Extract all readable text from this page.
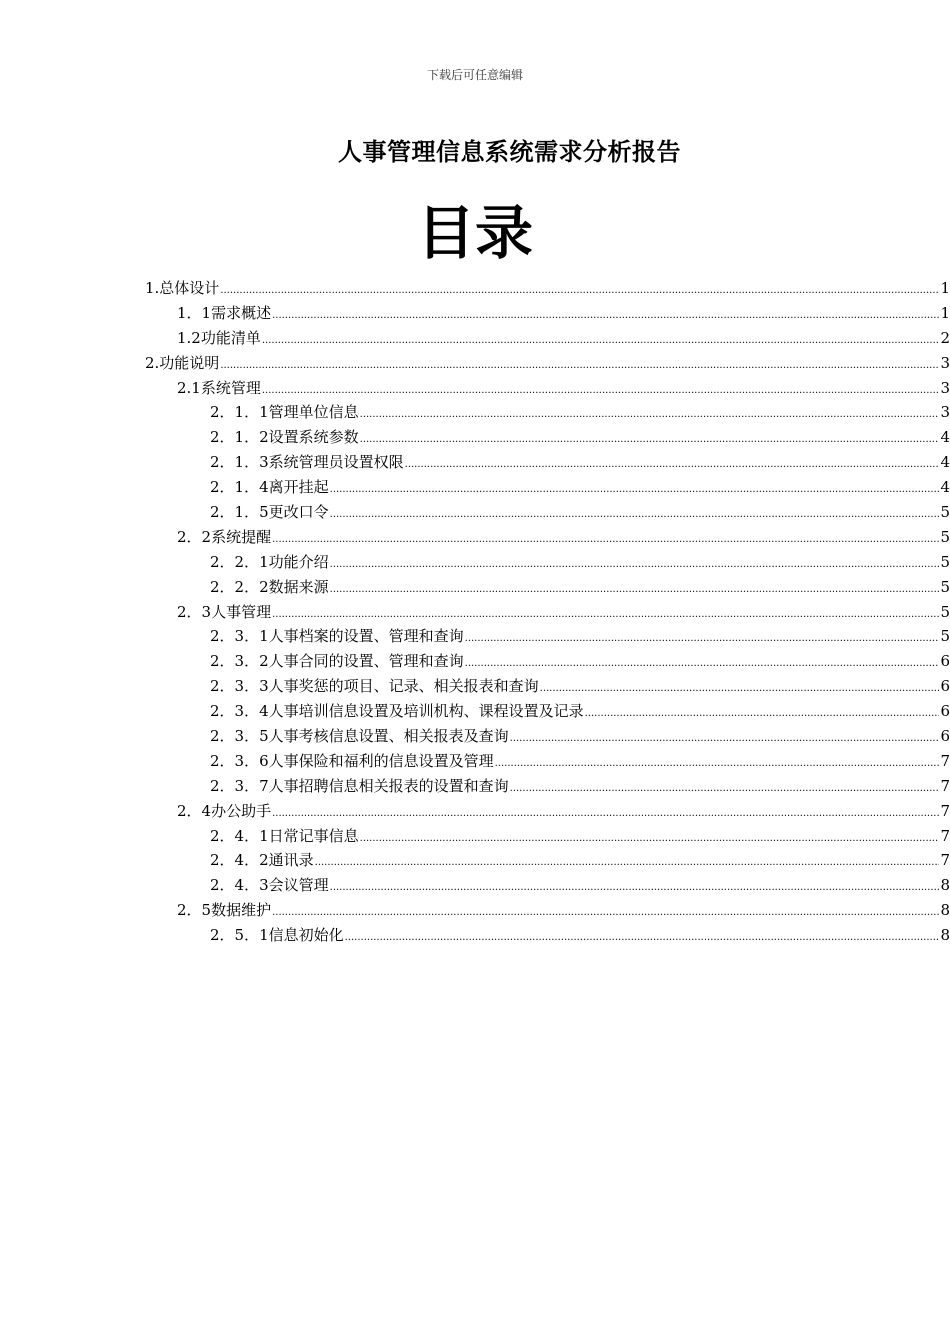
下载后可任意编辑
人事管理信息系统需求分析报告
目录
1.总体设计 .....	1
1．1需求概述 .....	1
1.2功能清单 .....	2
2.功能说明 .....	3
2.1系统管理 .....	3
2．1．1管理单位信息 .....	3
2．1．2设置系统参数 .....	4
2．1．3系统管理员设置权限 .....	4
2．1．4离开挂起 .....	4
2．1．5更改口令 .....	5
2．2系统提醒 .....	5
2．2．1功能介绍 .....	5
2．2．2数据来源 .....	5
2．3人事管理 .....	5
2．3．1人事档案的设置、管理和查询 .....	5
2．3．2人事合同的设置、管理和查询 .....	6
2．3．3人事奖惩的项目、记录、相关报表和查询 .....	6
2．3．4人事培训信息设置及培训机构、课程设置及记录 .....	6
2．3．5人事考核信息设置、相关报表及查询 .....	6
2．3．6人事保险和福利的信息设置及管理 .....	7
2．3．7人事招聘信息相关报表的设置和查询 .....	7
2．4办公助手 .....	7
2．4．1日常记事信息 .....	7
2．4．2通讯录 .....	7
2．4．3会议管理 .....	8
2．5数据维护 .....	8
2．5．1信息初始化 .....	8
